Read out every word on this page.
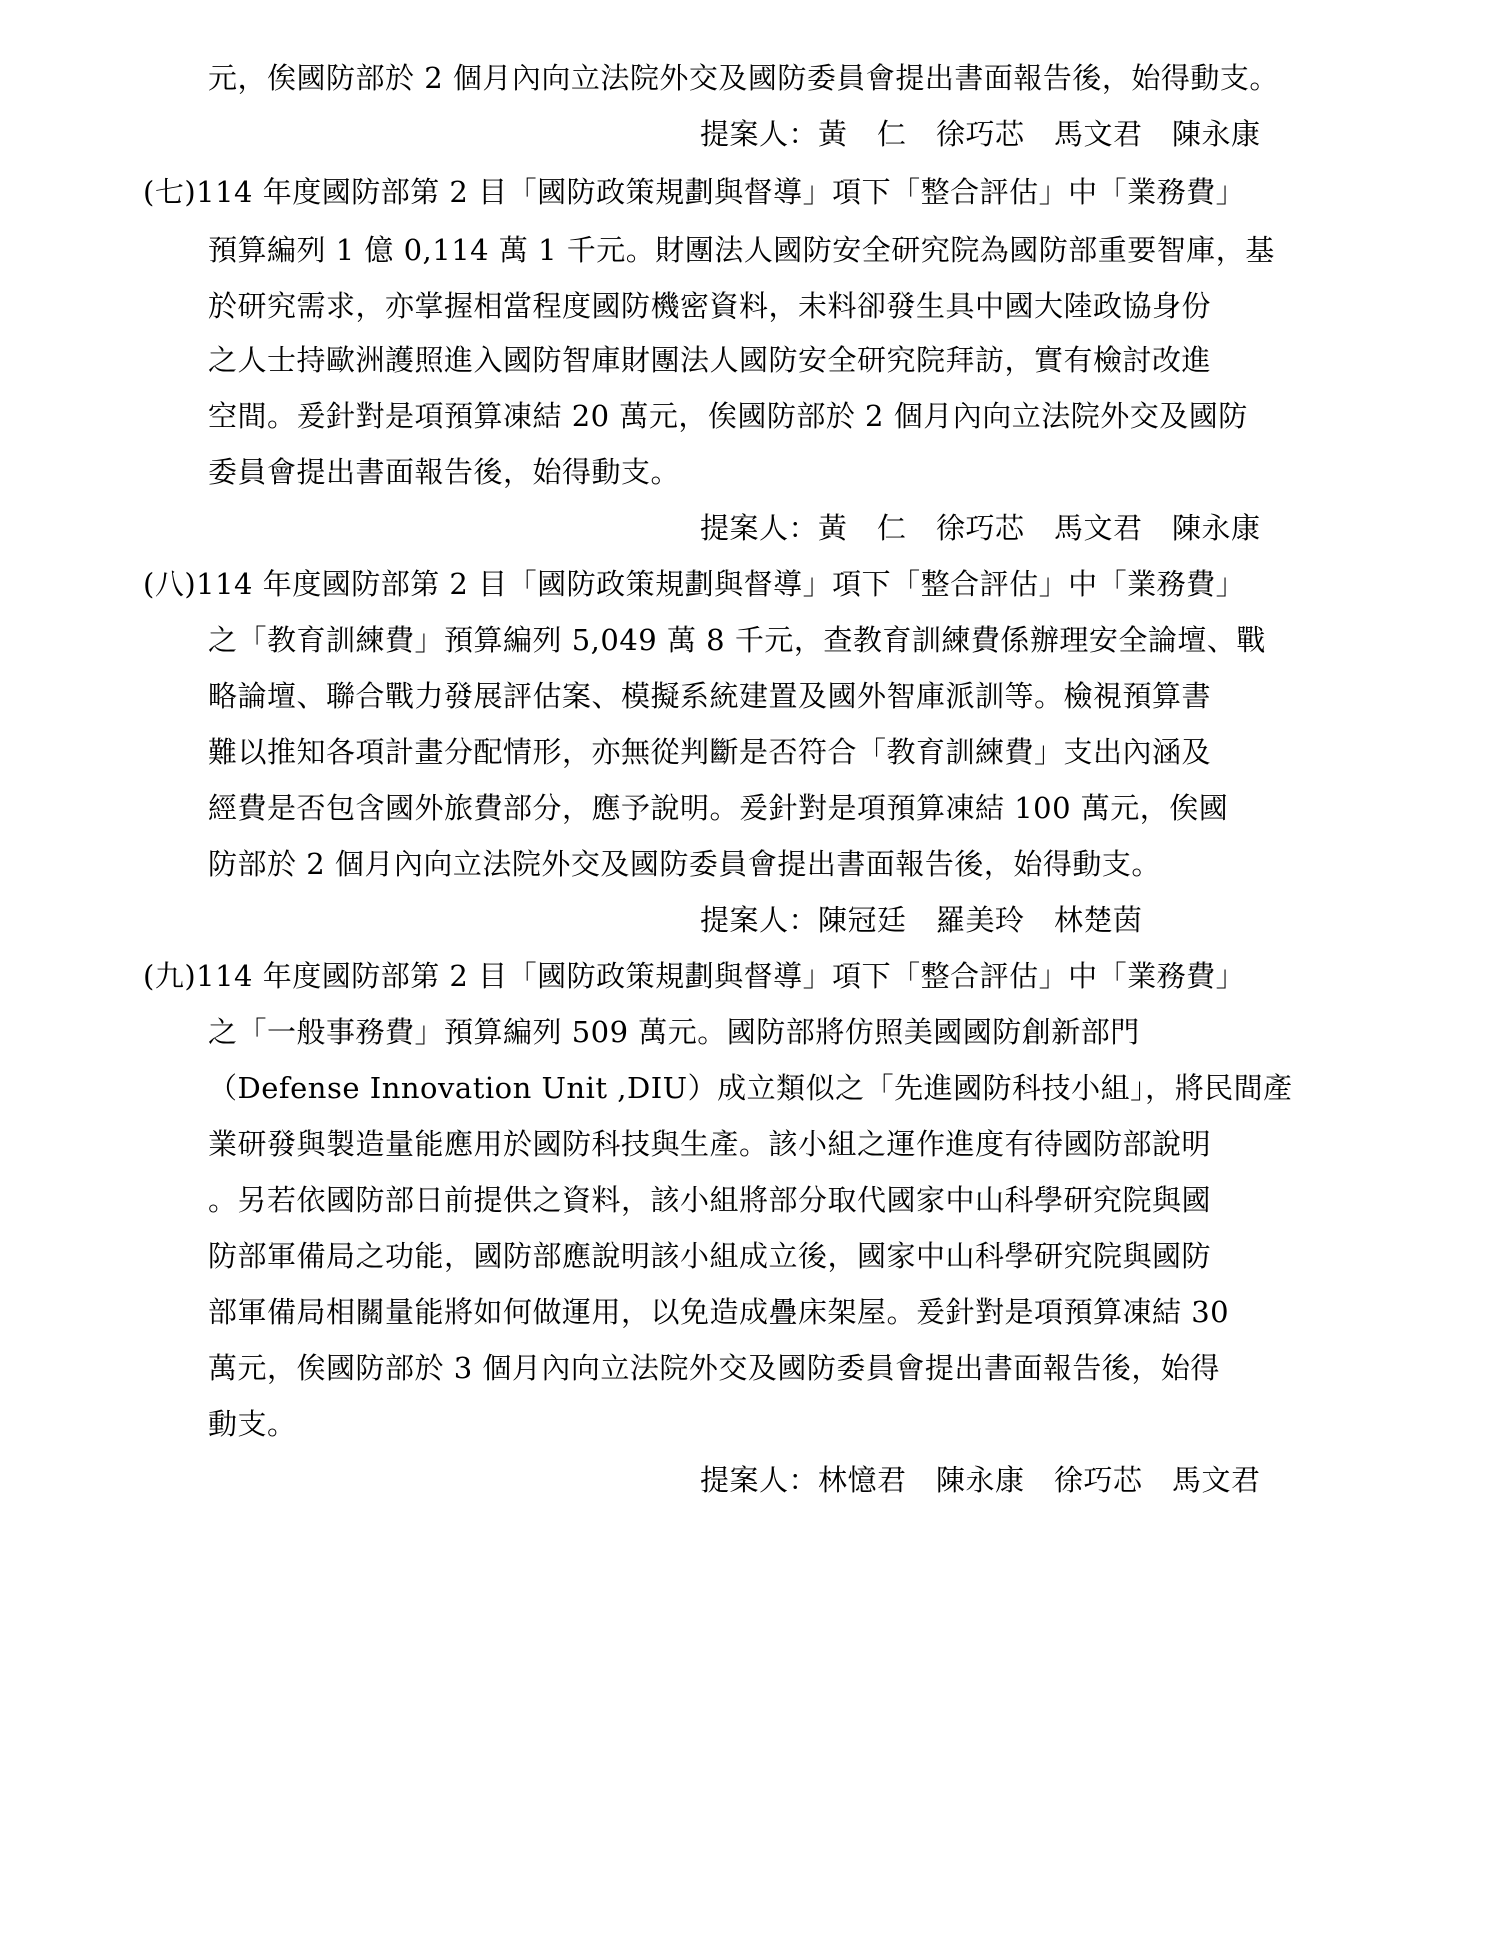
元，俟國防部於 2 個月內向立法院外交及國防委員會提出書面報告後，始得動支。
提案人：黃　仁　徐巧芯　馬文君　陳永康
(七)114 年度國防部第 2 目「國防政策規劃與督導」項下「整合評估」中「業務費」
預算編列 1 億 0,114 萬 1 千元。財團法人國防安全研究院為國防部重要智庫，基
於研究需求，亦掌握相當程度國防機密資料，未料卻發生具中國大陸政協身份
之人士持歐洲護照進入國防智庫財團法人國防安全研究院拜訪，實有檢討改進
空間。爰針對是項預算凍結 20 萬元，俟國防部於 2 個月內向立法院外交及國防
委員會提出書面報告後，始得動支。
提案人：黃　仁　徐巧芯　馬文君　陳永康
(八)114 年度國防部第 2 目「國防政策規劃與督導」項下「整合評估」中「業務費」
之「教育訓練費」預算編列 5,049 萬 8 千元，查教育訓練費係辦理安全論壇、戰
略論壇、聯合戰力發展評估案、模擬系統建置及國外智庫派訓等。檢視預算書
難以推知各項計畫分配情形，亦無從判斷是否符合「教育訓練費」支出內涵及
經費是否包含國外旅費部分，應予說明。爰針對是項預算凍結 100 萬元，俟國
防部於 2 個月內向立法院外交及國防委員會提出書面報告後，始得動支。
提案人：陳冠廷　羅美玲　林楚茵
(九)114 年度國防部第 2 目「國防政策規劃與督導」項下「整合評估」中「業務費」
之「一般事務費」預算編列 509 萬元。國防部將仿照美國國防創新部門
（Defense Innovation Unit ,DIU）成立類似之「先進國防科技小組」，將民間產
業研發與製造量能應用於國防科技與生產。該小組之運作進度有待國防部說明
。另若依國防部日前提供之資料，該小組將部分取代國家中山科學研究院與國
防部軍備局之功能，國防部應說明該小組成立後，國家中山科學研究院與國防
部軍備局相關量能將如何做運用，以免造成疊床架屋。爰針對是項預算凍結 30
萬元，俟國防部於 3 個月內向立法院外交及國防委員會提出書面報告後，始得
動支。
提案人：林憶君　陳永康　徐巧芯　馬文君
